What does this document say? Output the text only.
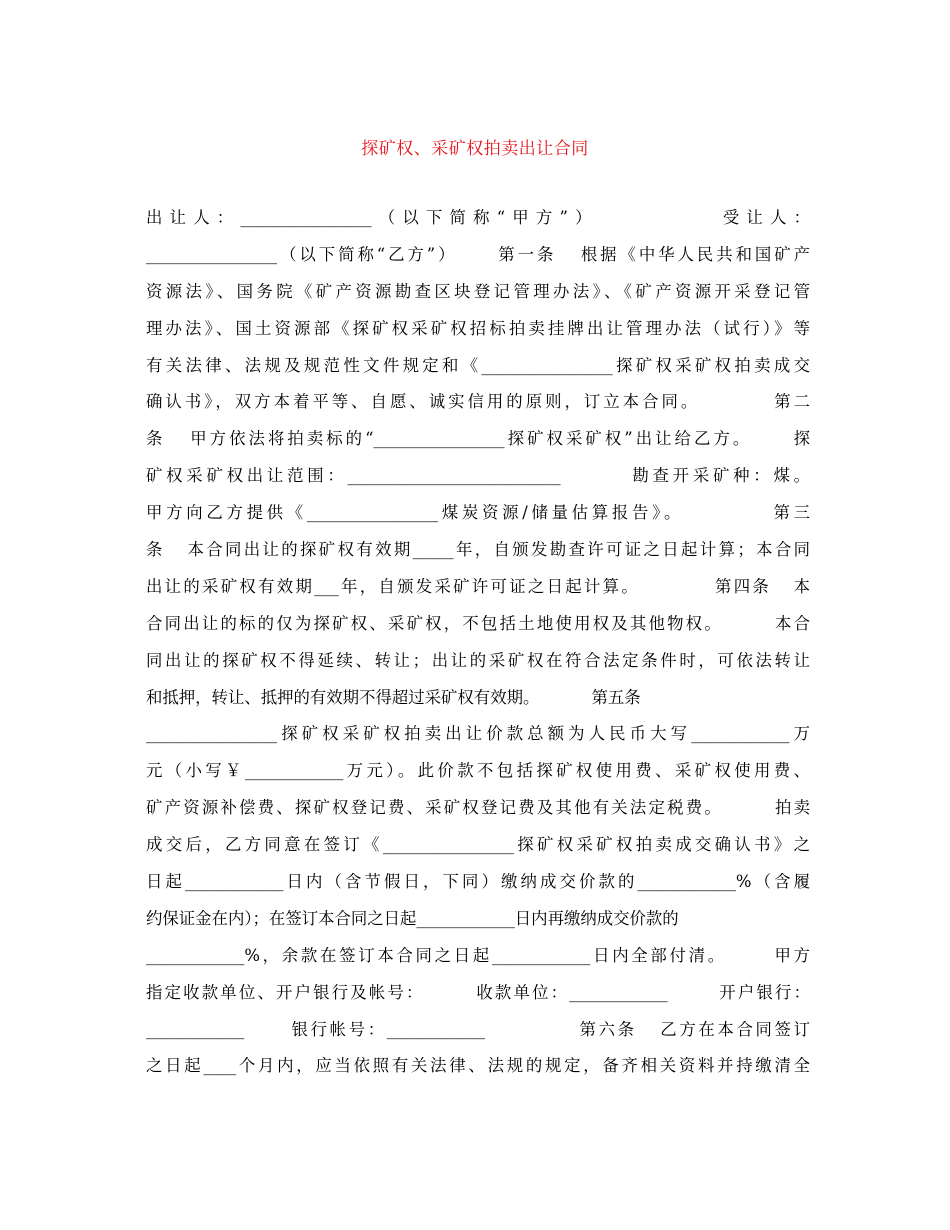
探矿权、采矿权拍卖出让合同
出让人：________________（以下简称“甲方”）          受让人：
________________（以下简称“乙方”）     第一条   根据《中华人民共和国矿产
资源法》、国务院《矿产资源勘查区块登记管理办法》、《矿产资源开采登记管
理办法》、国土资源部《探矿权采矿权招标拍卖挂牌出让管理办法（试行）》等
有关法律、法规及规范性文件规定和《________________探矿权采矿权拍卖成交
确认书》，双方本着平等、自愿、诚实信用的原则，订立本合同。         第二
条   甲方依法将拍卖标的“________________探矿权采矿权”出让给乙方。     探
矿权采矿权出让范围：__________________________        勘查开采矿种：煤。
甲方向乙方提供《________________煤炭资源/储量估算报告》。          第三
条   本合同出让的探矿权有效期_____年，自颁发勘查许可证之日起计算；本合同
出让的采矿权有效期___年，自颁发采矿许可证之日起计算。          第四条   本
合同出让的标的仅为探矿权、采矿权，不包括土地使用权及其他物权。       本合
同出让的探矿权不得延续、转让；出让的采矿权在符合法定条件时，可依法转让
和抵押，转让、抵押的有效期不得超过采矿权有效期。          第五条
________________探矿权采矿权拍卖出让价款总额为人民币大写____________万
元（小写￥____________万元）。此价款不包括探矿权使用费、采矿权使用费、
矿产资源补偿费、探矿权登记费、采矿权登记费及其他有关法定税费。       拍卖
成交后，乙方同意在签订《________________探矿权采矿权拍卖成交确认书》之
日起____________日内（含节假日，下同）缴纳成交价款的____________%（含履
约保证金在内）；在签订本合同之日起____________日内再缴纳成交价款的
____________%，余款在签订本合同之日起____________日内全部付清。      甲方
指定收款单位、开户银行及帐号：       收款单位：____________       开户银行：
____________      银行帐号：____________            第六条   乙方在本合同签订
之日起____个月内，应当依照有关法律、法规的规定，备齐相关资料并持缴清全
